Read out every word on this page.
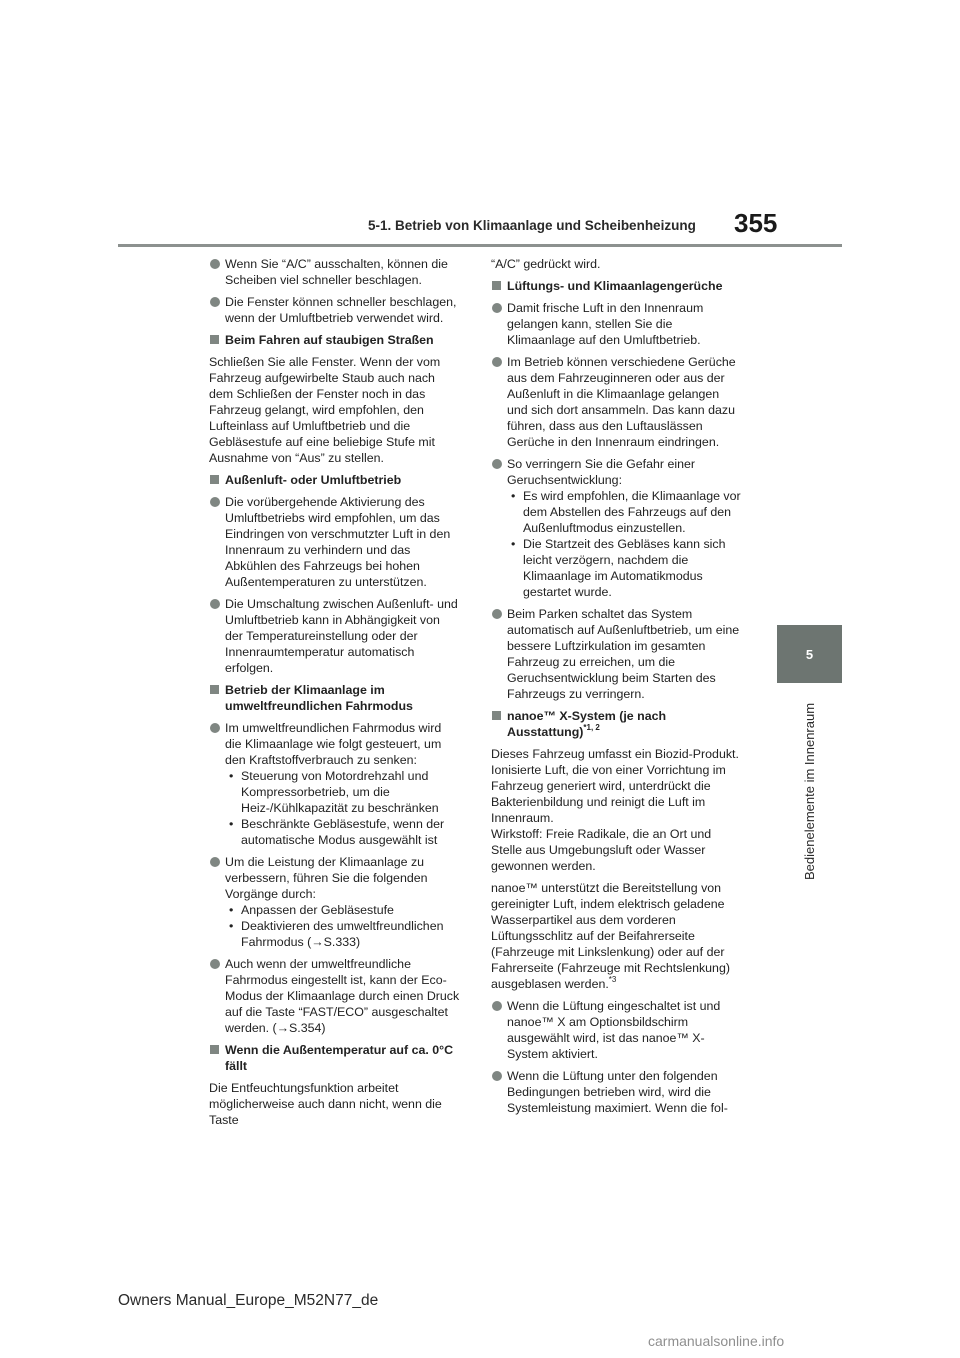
5-1. Betrieb von Klimaanlage und Scheibenheizung 355
5
Bedienelemente im Innenraum
Wenn Sie “A/C” ausschalten, können die Scheiben viel schneller beschlagen.
Die Fenster können schneller beschlagen, wenn der Umluftbetrieb verwendet wird.
Beim Fahren auf staubigen Straßen
Schließen Sie alle Fenster. Wenn der vom Fahrzeug aufgewirbelte Staub auch nach dem Schließen der Fenster noch in das Fahrzeug gelangt, wird empfohlen, den Lufteinlass auf Umluftbetrieb und die Gebläsestufe auf eine beliebige Stufe mit Ausnahme von “Aus” zu stellen.
Außenluft- oder Umluftbetrieb
Die vorübergehende Aktivierung des Umluftbetriebs wird empfohlen, um das Eindringen von verschmutzter Luft in den Innenraum zu verhindern und das Abkühlen des Fahrzeugs bei hohen Außentemperaturen zu unterstützen.
Die Umschaltung zwischen Außenluft- und Umluftbetrieb kann in Abhängigkeit von der Temperatureinstellung oder der Innenraumtemperatur automatisch erfolgen.
Betrieb der Klimaanlage im umweltfreundlichen Fahrmodus
Im umweltfreundlichen Fahrmodus wird die Klimaanlage wie folgt gesteuert, um den Kraftstoffverbrauch zu senken:
• Steuerung von Motordrehzahl und Kompressorbetrieb, um die Heiz-/Kühlkapazität zu beschränken
• Beschränkte Gebläsestufe, wenn der automatische Modus ausgewählt ist
Um die Leistung der Klimaanlage zu verbessern, führen Sie die folgenden Vorgänge durch:
• Anpassen der Gebläsestufe
• Deaktivieren des umweltfreundlichen Fahrmodus (→S.333)
Auch wenn der umweltfreundliche Fahrmodus eingestellt ist, kann der Eco-Modus der Klimaanlage durch einen Druck auf die Taste “FAST/ECO” ausgeschaltet werden. (→S.354)
Wenn die Außentemperatur auf ca. 0°C fällt
Die Entfeuchtungsfunktion arbeitet möglicherweise auch dann nicht, wenn die Taste
“A/C” gedrückt wird.
Lüftungs- und Klimaanlagengerüche
Damit frische Luft in den Innenraum gelangen kann, stellen Sie die Klimaanlage auf den Umluftbetrieb.
Im Betrieb können verschiedene Gerüche aus dem Fahrzeuginneren oder aus der Außenluft in die Klimaanlage gelangen und sich dort ansammeln. Das kann dazu führen, dass aus den Luftauslässen Gerüche in den Innenraum eindringen.
So verringern Sie die Gefahr einer Geruchsentwicklung:
• Es wird empfohlen, die Klimaanlage vor dem Abstellen des Fahrzeugs auf den Außenluftmodus einzustellen.
• Die Startzeit des Gebläses kann sich leicht verzögern, nachdem die Klimaanlage im Automatikmodus gestartet wurde.
Beim Parken schaltet das System automatisch auf Außenluftbetrieb, um eine bessere Luftzirkulation im gesamten Fahrzeug zu erreichen, um die Geruchsentwicklung beim Starten des Fahrzeugs zu verringern.
nanoe™ X-System (je nach Ausstattung)$^{*1, 2}$
Dieses Fahrzeug umfasst ein Biozid-Produkt. Ionisierte Luft, die von einer Vorrichtung im Fahrzeug generiert wird, unterdrückt die Bakterienbildung und reinigt die Luft im Innenraum.
Wirkstoff: Freie Radikale, die an Ort und Stelle aus Umgebungsluft oder Wasser gewonnen werden.
nanoe™ unterstützt die Bereitstellung von gereinigter Luft, indem elektrisch geladene Wasserpartikel aus dem vorderen Lüftungsschlitz auf der Beifahrerseite (Fahrzeuge mit Linkslenkung) oder auf der Fahrerseite (Fahrzeuge mit Rechtslenkung) ausgeblasen werden.$^{*3}$
Wenn die Lüftung eingeschaltet ist und nanoe™ X am Optionsbildschirm ausgewählt wird, ist das nanoe™ X-System aktiviert.
Wenn die Lüftung unter den folgenden Bedingungen betrieben wird, wird die Systemleistung maximiert. Wenn die fol-
Owners Manual_Europe_M52N77_de
carmanualsonline.info
